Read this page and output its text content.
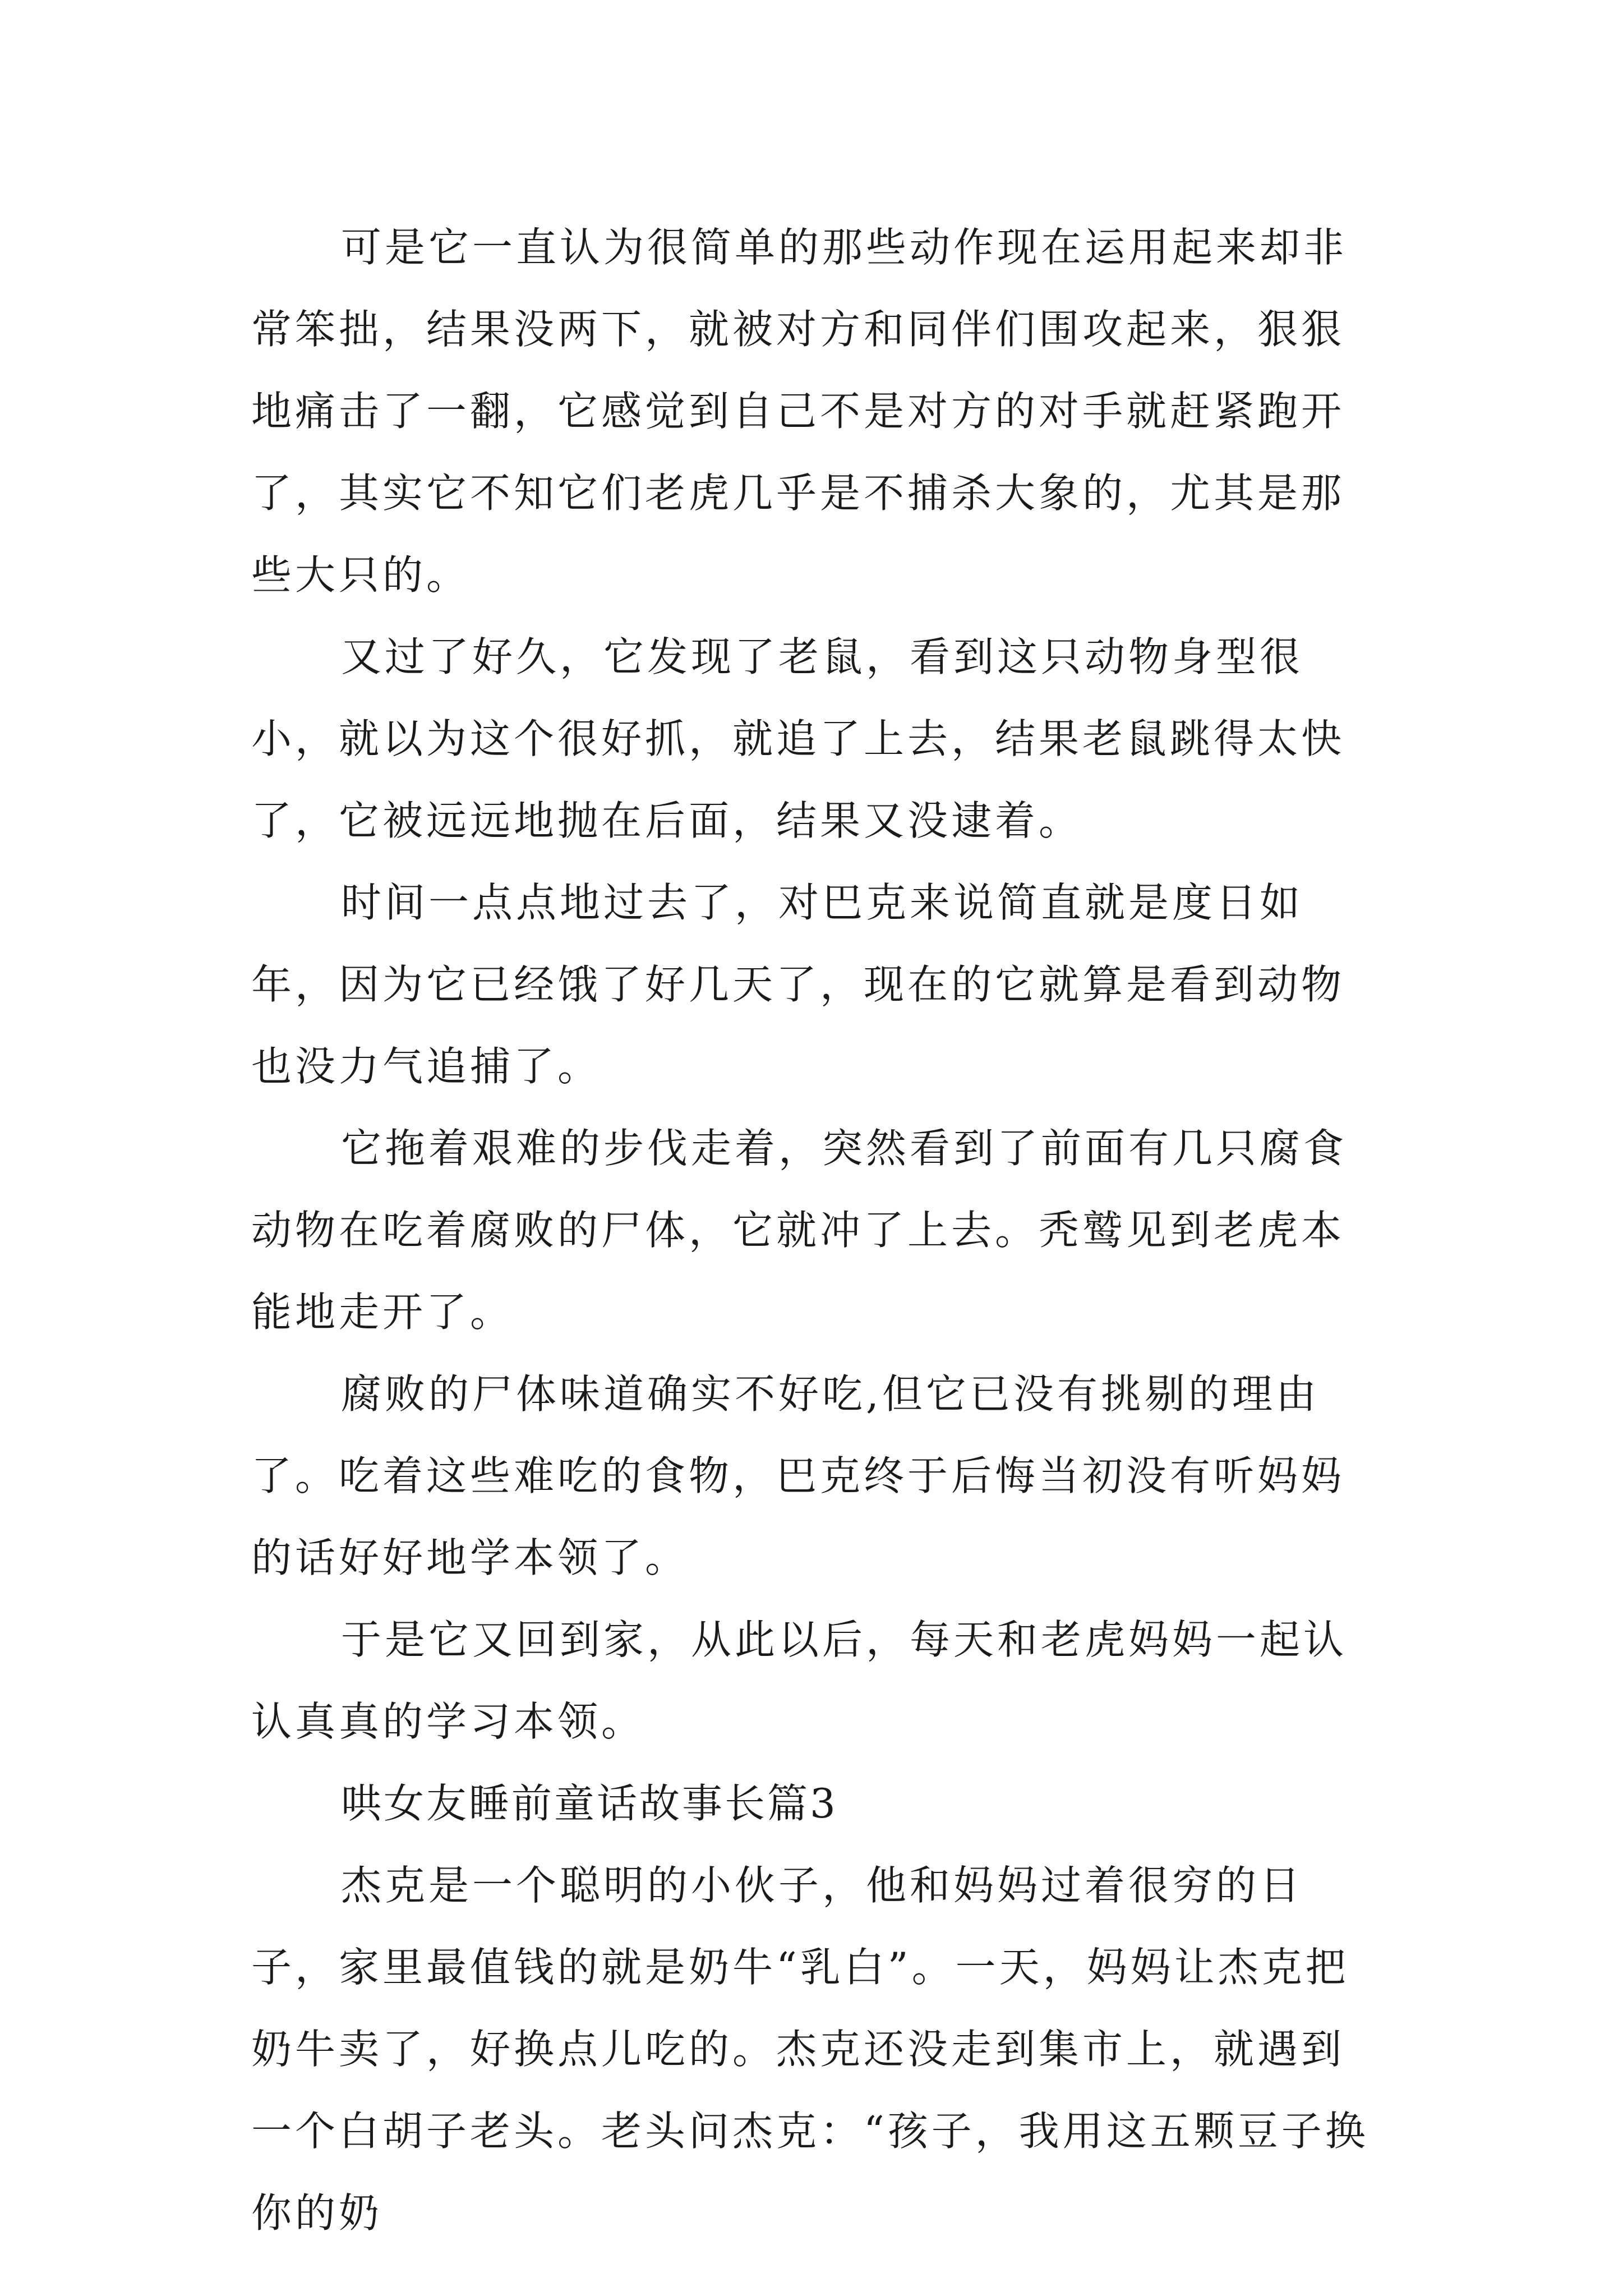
可是它一直认为很简单的那些动作现在运用起来却非常笨拙，结果没两下，就被对方和同伴们围攻起来，狠狠地痛击了一翻，它感觉到自己不是对方的对手就赶紧跑开了，其实它不知它们老虎几乎是不捕杀大象的，尤其是那些大只的。

又过了好久，它发现了老鼠，看到这只动物身型很小，就以为这个很好抓，就追了上去，结果老鼠跳得太快了，它被远远地抛在后面，结果又没逮着。

时间一点点地过去了，对巴克来说简直就是度日如年，因为它已经饿了好几天了，现在的它就算是看到动物也没力气追捕了。

它拖着艰难的步伐走着，突然看到了前面有几只腐食动物在吃着腐败的尸体，它就冲了上去。秃鹫见到老虎本能地走开了。

腐败的尸体味道确实不好吃,但它已没有挑剔的理由了。吃着这些难吃的食物，巴克终于后悔当初没有听妈妈的话好好地学本领了。

于是它又回到家，从此以后，每天和老虎妈妈一起认认真真的学习本领。

哄女友睡前童话故事长篇3

杰克是一个聪明的小伙子，他和妈妈过着很穷的日子，家里最值钱的就是奶牛“乳白”。一天，妈妈让杰克把奶牛卖了，好换点儿吃的。杰克还没走到集市上，就遇到一个白胡子老头。老头问杰克：“孩子，我用这五颗豆子换你的奶
